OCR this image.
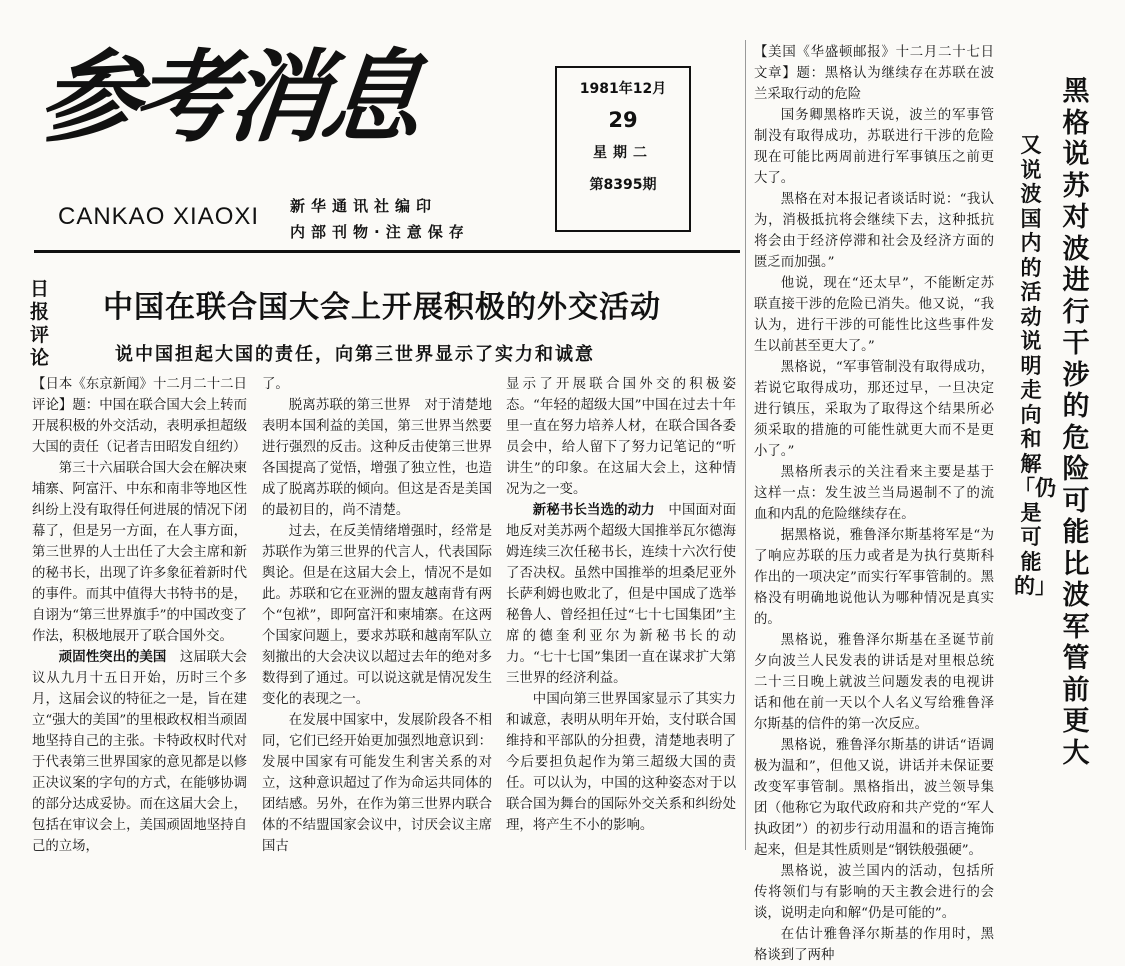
参考消息
CANKAO XIAOXI 新华通讯社编印
内部刊物·注意保存
1981年12月
29
星期二
第8395期
日报评论
中国在联合国大会上开展积极的外交活动
说中国担起大国的责任，向第三世界显示了实力和诚意

【日本《东京新闻》十二月二十二日评论】题：中国在联合国大会上转而开展积极的外交活动，表明承担超级大国的责任（记者吉田昭发自纽约）

第三十六届联合国大会在解决柬埔寨、阿富汗、中东和南非等地区性纠纷上没有取得任何进展的情况下闭幕了，但是另一方面，在人事方面，第三世界的人士出任了大会主席和新的秘书长，出现了许多象征着新时代的事件。而其中值得大书特书的是，自诩为“第三世界旗手”的中国改变了作法，积极地展开了联合国外交。

顽固性突出的美国　 这届联大会议从九月十五日开始，历时三个多月，这届会议的特征之一是，旨在建立“强大的美国”的里根政权相当顽固地坚持自己的主张。卡特政权时代对于代表第三世界国家的意见都是以修正决议案的字句的方式，在能够协调的部分达成妥协。而在这届大会上，包括在审议会上，美国顽固地坚持自己的立场，

了。

脱离苏联的第三世界　对于清楚地表明本国利益的美国，第三世界当然要进行强烈的反击。这种反击使第三世界各国提高了觉悟，增强了独立性，也造成了脱离苏联的倾向。但这是否是美国的最初目的，尚不清楚。

过去，在反美情绪增强时，经常是苏联作为第三世界的代言人，代表国际舆论。但是在这届大会上，情况不是如此。苏联和它在亚洲的盟友越南背有两个“包袱”，即阿富汗和柬埔寨。在这两个国家问题上，要求苏联和越南军队立刻撤出的大会决议以超过去年的绝对多数得到了通过。可以说这就是情况发生变化的表现之一。

在发展中国家中，发展阶段各不相同，它们已经开始更加强烈地意识到：发展中国家有可能发生利害关系的对立，这种意识超过了作为命运共同体的团结感。另外，在作为第三世界内联合体的不结盟国家会议中，讨厌会议主席国古

显示了开展联合国外交的积极姿态。“年轻的超级大国”中国在过去十年里一直在努力培养人材，在联合国各委员会中，给人留下了努力记笔记的“听讲生”的印象。在这届大会上，这种情况为之一变。

新秘书长当选的动力　 中国面对面地反对美苏两个超级大国推举瓦尔德海姆连续三次任秘书长，连续十六次行使了否决权。虽然中国推举的坦桑尼亚外长萨利姆也败北了，但是中国成了选举秘鲁人、曾经担任过“七十七国集团”主席的德奎利亚尔为新秘书长的动力。“七十七国”集团一直在谋求扩大第三世界的经济利益。

中国向第三世界国家显示了其实力和诚意，表明从明年开始，支付联合国维持和平部队的分担费，清楚地表明了今后要担负起作为第三超级大国的责任。可以认为，中国的这种姿态对于以联合国为舞台的国际外交关系和纠纷处理，将产生不小的影响。

【美国《华盛顿邮报》十二月二十七日文章】题：黑格认为继续存在苏联在波兰采取行动的危险

国务卿黑格昨天说，波兰的军事管制没有取得成功，苏联进行干涉的危险现在可能比两周前进行军事镇压之前更大了。

黑格在对本报记者谈话时说：“我认为，消极抵抗将会继续下去，这种抵抗将会由于经济停滞和社会及经济方面的匮乏而加强。”

他说，现在“还太早”，不能断定苏联直接干涉的危险已消失。他又说，“我认为，进行干涉的可能性比这些事件发生以前甚至更大了。”

黑格说，“军事管制没有取得成功，若说它取得成功，那还过早，一旦决定进行镇压，采取为了取得这个结果所必须采取的措施的可能性就更大而不是更小了。”

黑格所表示的关注看来主要是基于这样一点：发生波兰当局遏制不了的流血和内乱的危险继续存在。

据黑格说，雅鲁泽尔斯基将军是“为了响应苏联的压力或者是为执行莫斯科作出的一项决定”而实行军事管制的。黑格没有明确地说他认为哪种情况是真实的。

黑格说，雅鲁泽尔斯基在圣诞节前夕向波兰人民发表的讲话是对里根总统二十三日晚上就波兰问题发表的电视讲话和他在前一天以个人名义写给雅鲁泽尔斯基的信件的第一次反应。

黑格说，雅鲁泽尔斯基的讲话“语调极为温和”，但他又说，讲话并未保证要改变军事管制。黑格指出，波兰领导集团（他称它为取代政府和共产党的“军人执政团”）的初步行动用温和的语言掩饰起来，但是其性质则是“钢铁般强硬”。

黑格说，波兰国内的活动，包括所传将领们与有影响的天主教会进行的会谈，说明走向和解“仍是可能的”。

在估计雅鲁泽尔斯基的作用时，黑格谈到了两种

黑格说苏对波进行干涉的危险可能比波军管前更大
又说波国内的活动说明走向和解「仍是可能的」
